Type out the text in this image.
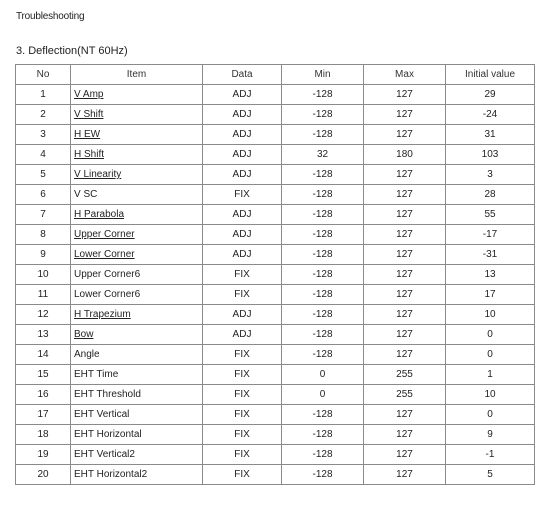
Troubleshooting
3. Deflection(NT 60Hz)
No	Item	Data	Min	Max	Initial value
1	V Amp	ADJ	-128	127	29
2	V Shift	ADJ	-128	127	-24
3	H EW	ADJ	-128	127	31
4	H Shift	ADJ	32	180	103
5	V Linearity	ADJ	-128	127	3
6	V SC	FIX	-128	127	28
7	H Parabola	ADJ	-128	127	55
8	Upper Corner	ADJ	-128	127	-17
9	Lower Corner	ADJ	-128	127	-31
10	Upper Corner6	FIX	-128	127	13
11	Lower Corner6	FIX	-128	127	17
12	H Trapezium	ADJ	-128	127	10
13	Bow	ADJ	-128	127	0
14	Angle	FIX	-128	127	0
15	EHT Time	FIX	0	255	1
16	EHT Threshold	FIX	0	255	10
17	EHT Vertical	FIX	-128	127	0
18	EHT Horizontal	FIX	-128	127	9
19	EHT Vertical2	FIX	-128	127	-1
20	EHT Horizontal2	FIX	-128	127	5
